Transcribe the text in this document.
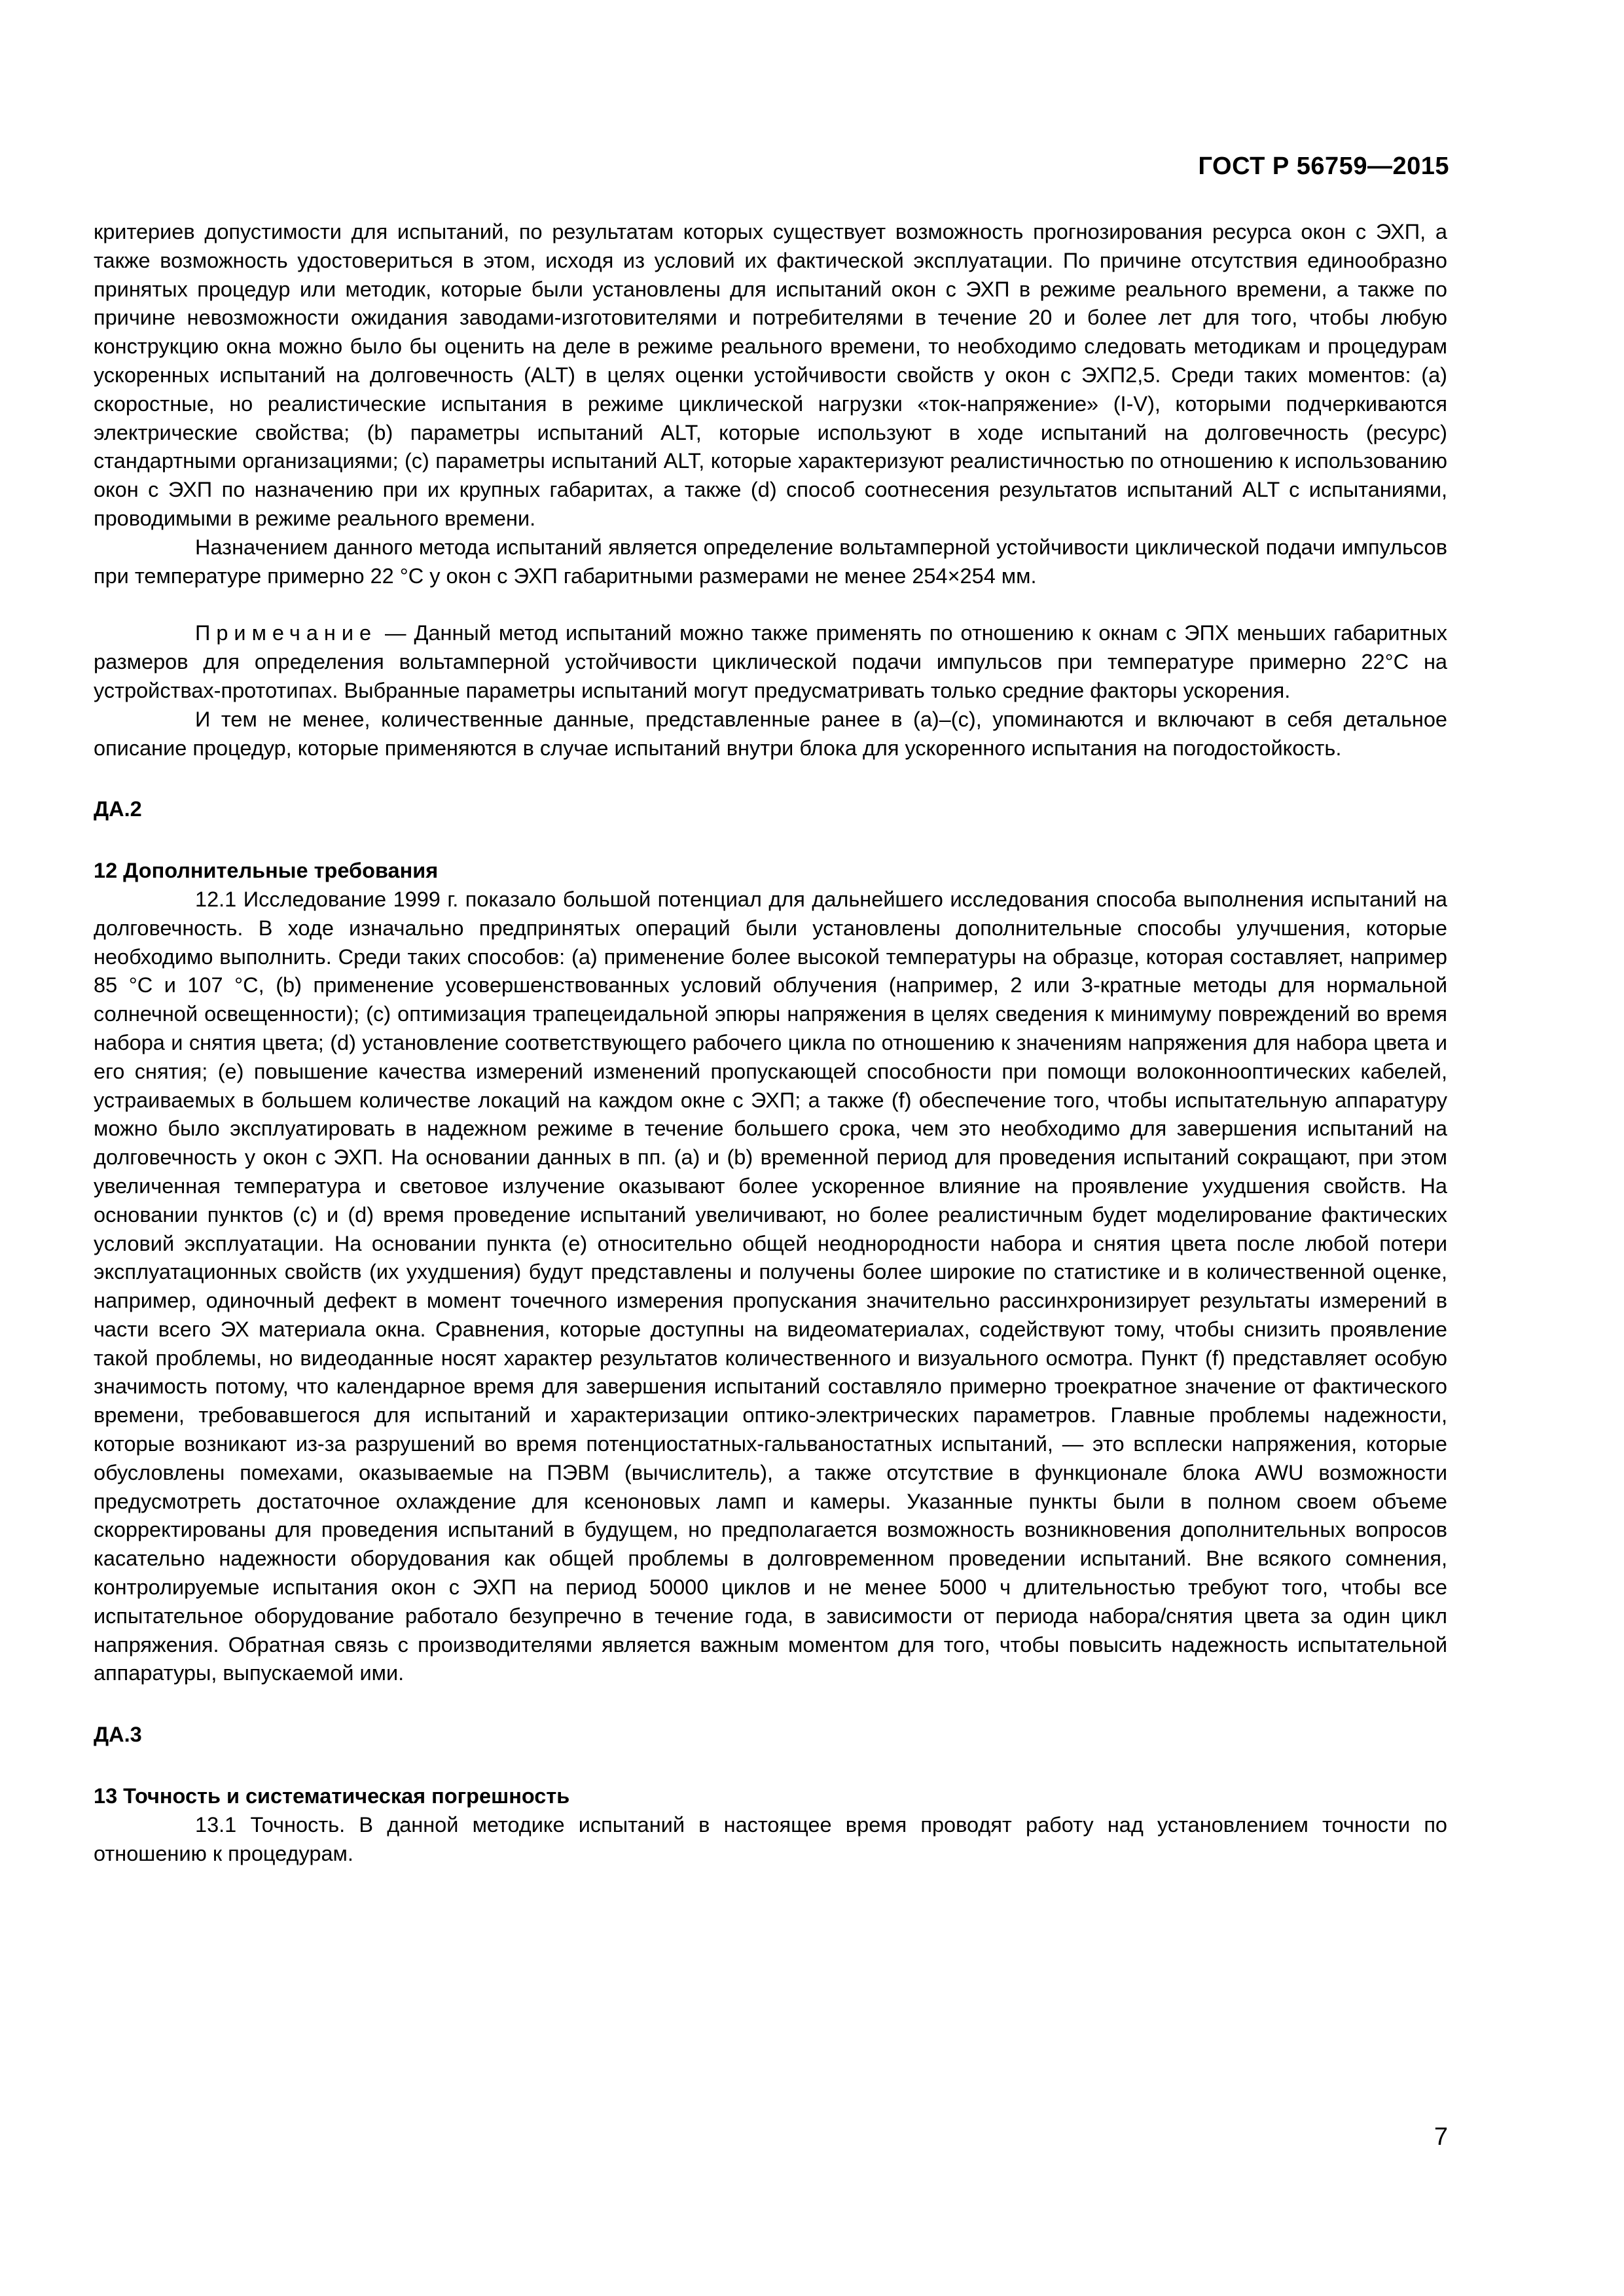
ГОСТ Р 56759—2015

критериев допустимости для испытаний, по результатам которых существует возможность прогнозирования ресурса окон с ЭХП, а также возможность удостовериться в этом, исходя из условий их фактической эксплуатации. По причине отсутствия единообразно принятых процедур или методик, которые были установлены для испытаний окон с ЭХП в режиме реального времени, а также по причине невозможности ожидания заводами-изготовителями и потребителями в течение 20 и более лет для того, чтобы любую конструкцию окна можно было бы оценить на деле в режиме реального времени, то необходимо следовать методикам и процедурам ускоренных испытаний на долговечность (ALT) в целях оценки устойчивости свойств у окон с ЭХП2,5. Среди таких моментов: (а) скоростные, но реалистические испытания в режиме циклической нагрузки «ток-напряжение» (I-V), которыми подчеркиваются электрические свойства; (b) параметры испытаний ALT, которые используют в ходе испытаний на долговечность (ресурс) стандартными организациями; (с) параметры испытаний ALT, которые характеризуют реалистичностью по отношению к использованию окон с ЭХП по назначению при их крупных габаритах, а также (d) способ соотнесения результатов испытаний ALT с испытаниями, проводимыми в режиме реального времени.

Назначением данного метода испытаний является определение вольтамперной устойчивости циклической подачи импульсов при температуре примерно 22 °С у окон с ЭХП габаритными размерами не менее 254×254 мм.

Примечание — Данный метод испытаний можно также применять по отношению к окнам с ЭПХ меньших габаритных размеров для определения вольтамперной устойчивости циклической подачи импульсов при температуре примерно 22°С на устройствах-прототипах. Выбранные параметры испытаний могут предусматривать только средние факторы ускорения.

И тем не менее, количественные данные, представленные ранее в (а)–(с), упоминаются и включают в себя детальное описание процедур, которые применяются в случае испытаний внутри блока для ускоренного испытания на погодостойкость.

ДА.2

12 Дополнительные требования

12.1 Исследование 1999 г. показало большой потенциал для дальнейшего исследования способа выполнения испытаний на долговечность. В ходе изначально предпринятых операций были установлены дополнительные способы улучшения, которые необходимо выполнить. Среди таких способов: (а) применение более высокой температуры на образце, которая составляет, например 85 °С и 107 °С, (b) применение усовершенствованных условий облучения (например, 2 или 3-кратные методы для нормальной солнечной освещенности); (с) оптимизация трапецеидальной эпюры напряжения в целях сведения к минимуму повреждений во время набора и снятия цвета; (d) установление соответствующего рабочего цикла по отношению к значениям напряжения для набора цвета и его снятия; (е) повышение качества измерений изменений пропускающей способности при помощи волоконнооптических кабелей, устраиваемых в большем количестве локаций на каждом окне с ЭХП; а также (f) обеспечение того, чтобы испытательную аппаратуру можно было эксплуатировать в надежном режиме в течение большего срока, чем это необходимо для завершения испытаний на долговечность у окон с ЭХП. На основании данных в пп. (а) и (b) временной период для проведения испытаний сокращают, при этом увеличенная температура и световое излучение оказывают более ускоренное влияние на проявление ухудшения свойств. На основании пунктов (с) и (d) время проведение испытаний увеличивают, но более реалистичным будет моделирование фактических условий эксплуатации. На основании пункта (е) относительно общей неоднородности набора и снятия цвета после любой потери эксплуатационных свойств (их ухудшения) будут представлены и получены более широкие по статистике и в количественной оценке, например, одиночный дефект в момент точечного измерения пропускания значительно рассинхронизирует результаты измерений в части всего ЭХ материала окна. Сравнения, которые доступны на видеоматериалах, содействуют тому, чтобы снизить проявление такой проблемы, но видеоданные носят характер результатов количественного и визуального осмотра. Пункт (f) представляет особую значимость потому, что календарное время для завершения испытаний составляло примерно троекратное значение от фактического времени, требовавшегося для испытаний и характеризации оптико-электрических параметров. Главные проблемы надежности, которые возникают из-за разрушений во время потенциостатных-гальваностатных испытаний, — это всплески напряжения, которые обусловлены помехами, оказываемые на ПЭВМ (вычислитель), а также отсутствие в функционале блока AWU возможности предусмотреть достаточное охлаждение для ксеноновых ламп и камеры. Указанные пункты были в полном своем объеме скорректированы для проведения испытаний в будущем, но предполагается возможность возникновения дополнительных вопросов касательно надежности оборудования как общей проблемы в долговременном проведении испытаний. Вне всякого сомнения, контролируемые испытания окон с ЭХП на период 50000 циклов и не менее 5000 ч длительностью требуют того, чтобы все испытательное оборудование работало безупречно в течение года, в зависимости от периода набора/снятия цвета за один цикл напряжения. Обратная связь с производителями является важным моментом для того, чтобы повысить надежность испытательной аппаратуры, выпускаемой ими.

ДА.3

13 Точность и систематическая погрешность

13.1 Точность. В данной методике испытаний в настоящее время проводят работу над установлением точности по отношению к процедурам.

7
